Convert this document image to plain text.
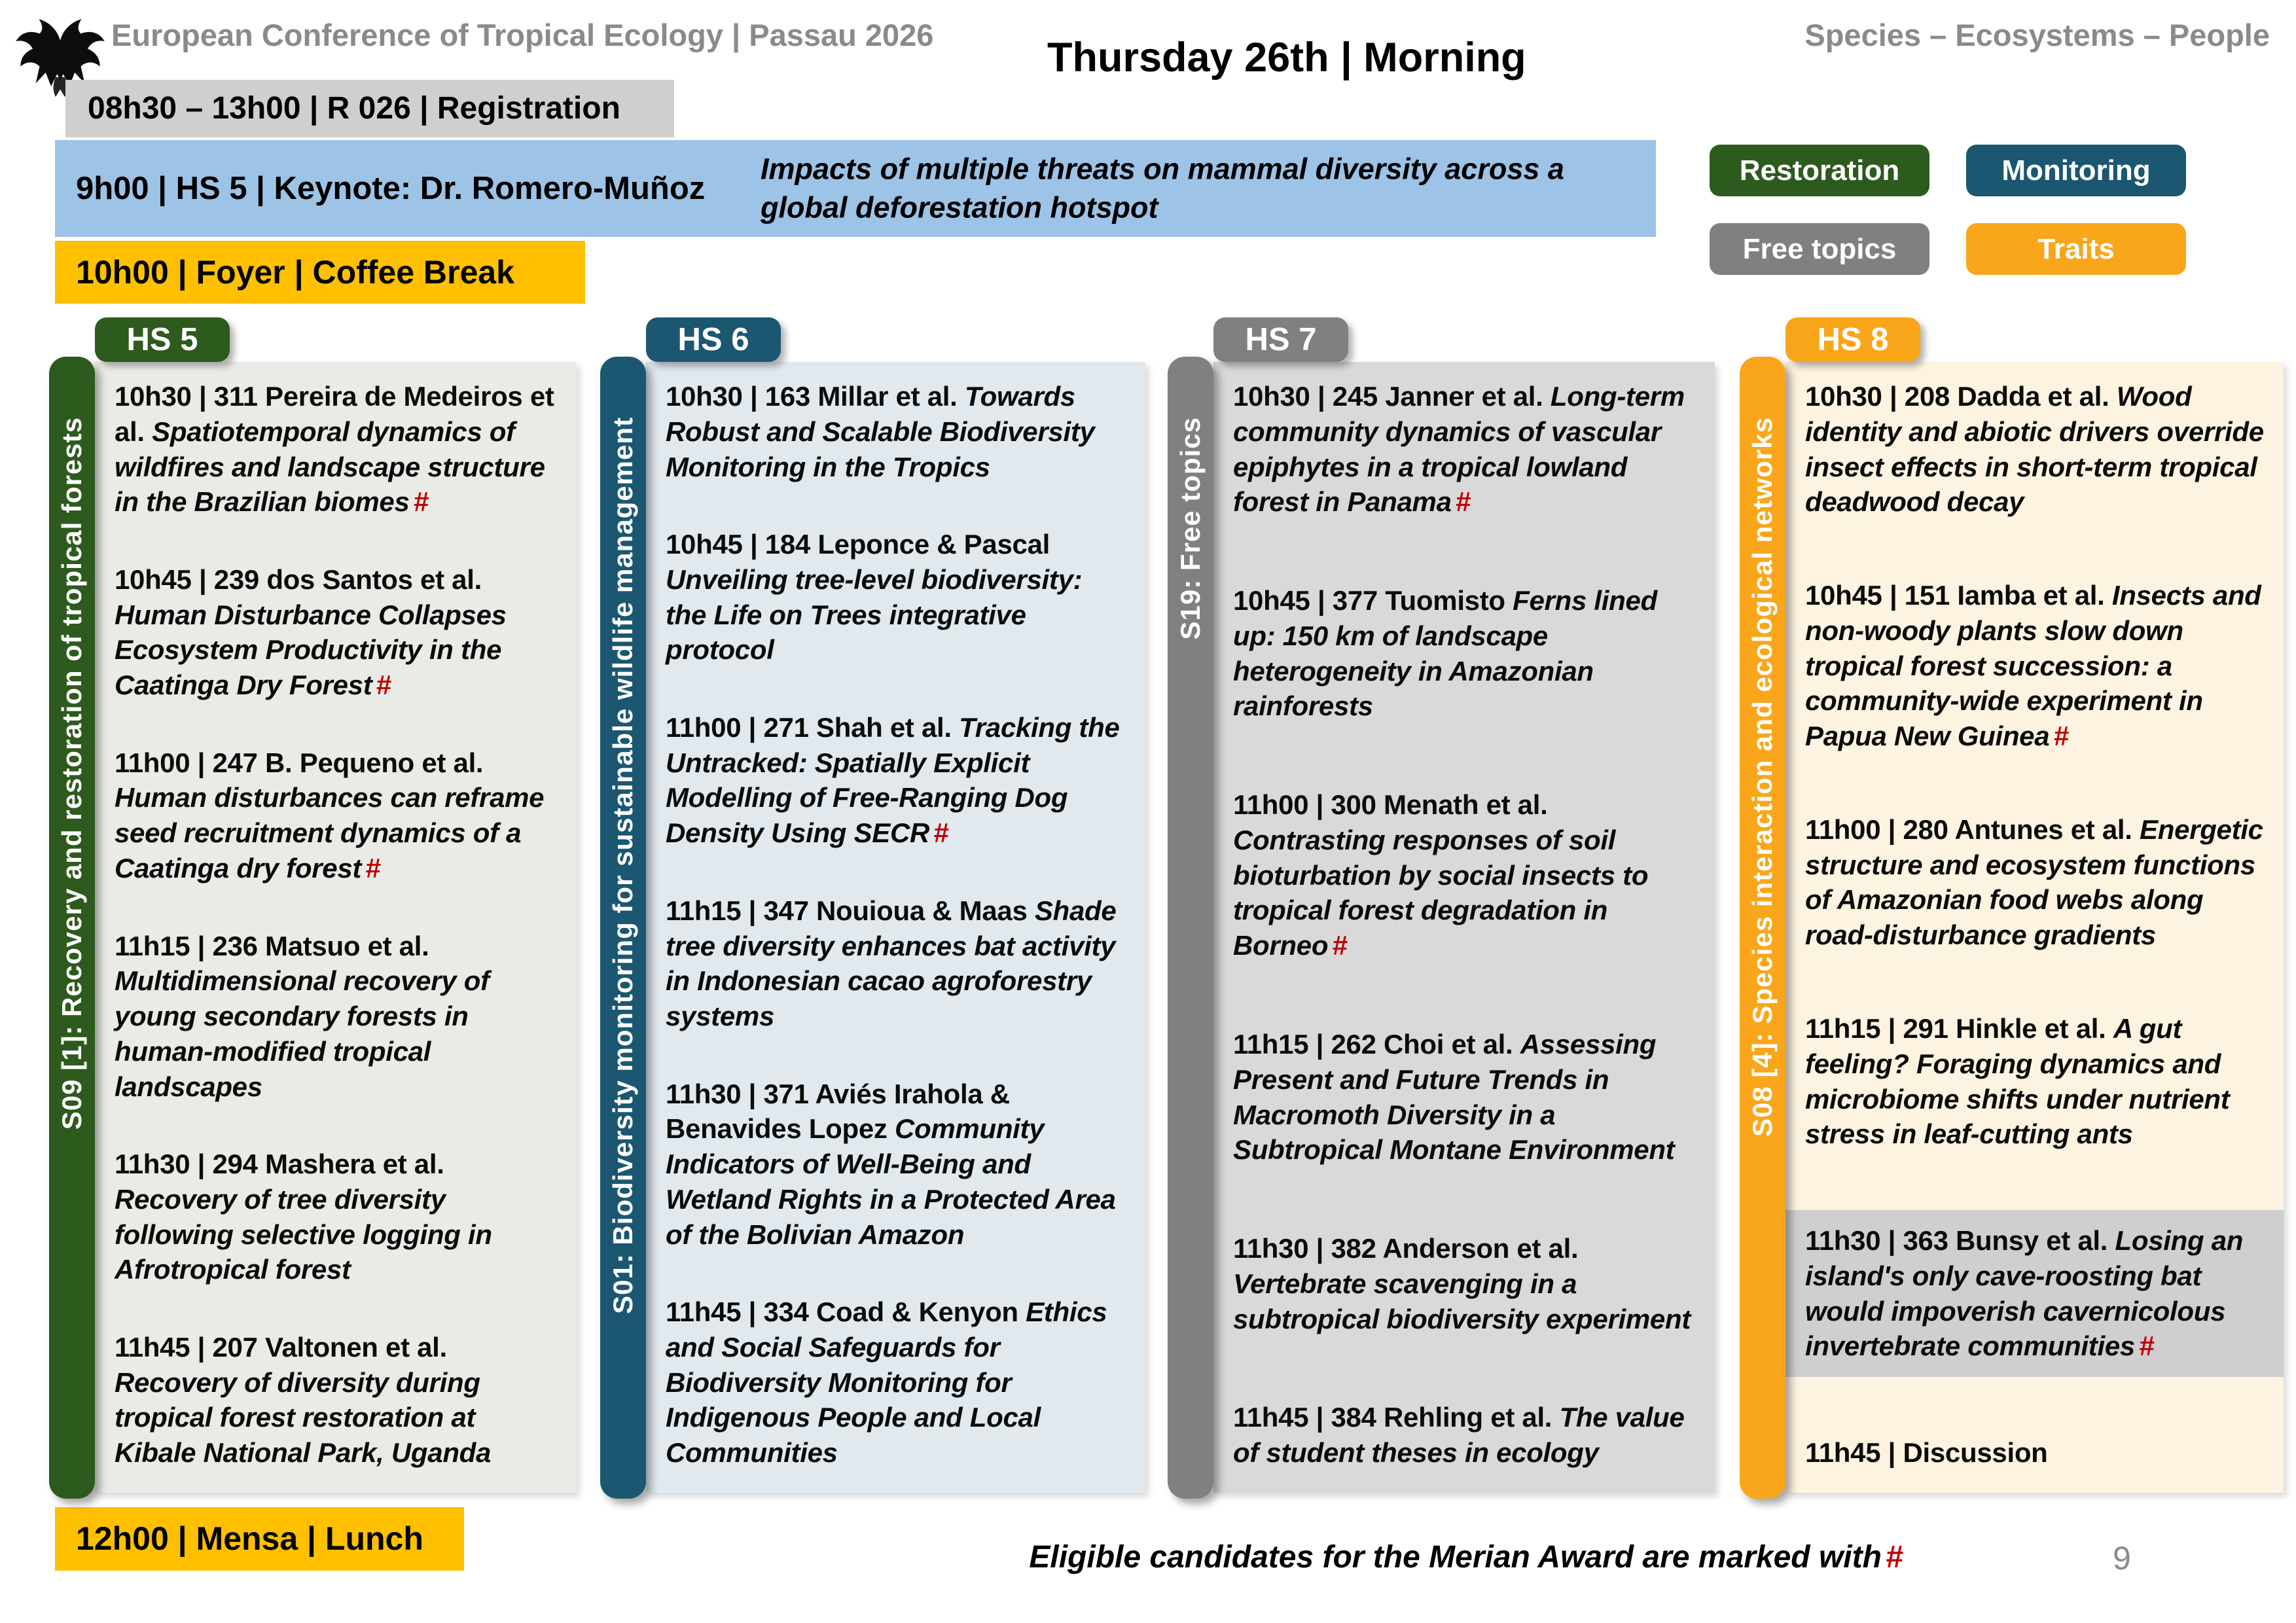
European Conference of Tropical Ecology | Passau 2026	Thursday 26th | Morning	Species – Ecosystems – People
08h30 – 13h00 | R 026 | Registration
9h00 | HS 5 | Keynote: Dr. Romero-Muñoz
Impacts of multiple threats on mammal diversity across a global deforestation hotspot
10h00 | Foyer | Coffee Break
Restoration	Monitoring
Free topics	Traits
HS 5
S09 [1]: Recovery and restoration of tropical forests
10h30 | 311 Pereira de Medeiros et al. Spatiotemporal dynamics of wildfires and landscape structure in the Brazilian biomes #
10h45 | 239 dos Santos et al. Human Disturbance Collapses Ecosystem Productivity in the Caatinga Dry Forest #
11h00 | 247 B. Pequeno et al. Human disturbances can reframe seed recruitment dynamics of a Caatinga dry forest #
11h15 | 236 Matsuo et al. Multidimensional recovery of young secondary forests in human-modified tropical landscapes
11h30 | 294 Mashera et al. Recovery of tree diversity following selective logging in Afrotropical forest
11h45 | 207 Valtonen et al. Recovery of diversity during tropical forest restoration at Kibale National Park, Uganda
HS 6
S01: Biodiversity monitoring for sustainable wildlife management
10h30 | 163 Millar et al. Towards Robust and Scalable Biodiversity Monitoring in the Tropics
10h45 | 184 Leponce & Pascal Unveiling tree-level biodiversity: the Life on Trees integrative protocol
11h00 | 271 Shah et al. Tracking the Untracked: Spatially Explicit Modelling of Free-Ranging Dog Density Using SECR #
11h15 | 347 Nouioua & Maas Shade tree diversity enhances bat activity in Indonesian cacao agroforestry systems
11h30 | 371 Aviés Irahola & Benavides Lopez Community Indicators of Well-Being and Wetland Rights in a Protected Area of the Bolivian Amazon
11h45 | 334 Coad & Kenyon Ethics and Social Safeguards for Biodiversity Monitoring for Indigenous People and Local Communities
HS 7
S19: Free topics
10h30 | 245 Janner et al. Long-term community dynamics of vascular epiphytes in a tropical lowland forest in Panama #
10h45 | 377 Tuomisto Ferns lined up: 150 km of landscape heterogeneity in Amazonian rainforests
11h00 | 300 Menath et al. Contrasting responses of soil bioturbation by social insects to tropical forest degradation in Borneo #
11h15 | 262 Choi et al. Assessing Present and Future Trends in Macromoth Diversity in a Subtropical Montane Environment
11h30 | 382 Anderson et al. Vertebrate scavenging in a subtropical biodiversity experiment
11h45 | 384 Rehling et al. The value of student theses in ecology
HS 8
S08 [4]: Species interaction and ecological networks
10h30 | 208 Dadda et al. Wood identity and abiotic drivers override insect effects in short-term tropical deadwood decay
10h45 | 151 Iamba et al. Insects and non-woody plants slow down tropical forest succession: a community-wide experiment in Papua New Guinea #
11h00 | 280 Antunes et al. Energetic structure and ecosystem functions of Amazonian food webs along road-disturbance gradients
11h15 | 291 Hinkle et al. A gut feeling? Foraging dynamics and microbiome shifts under nutrient stress in leaf-cutting ants
11h30 | 363 Bunsy et al. Losing an island's only cave-roosting bat would impoverish cavernicolous invertebrate communities #
11h45 | Discussion
12h00 | Mensa | Lunch
Eligible candidates for the Merian Award are marked with #	9
